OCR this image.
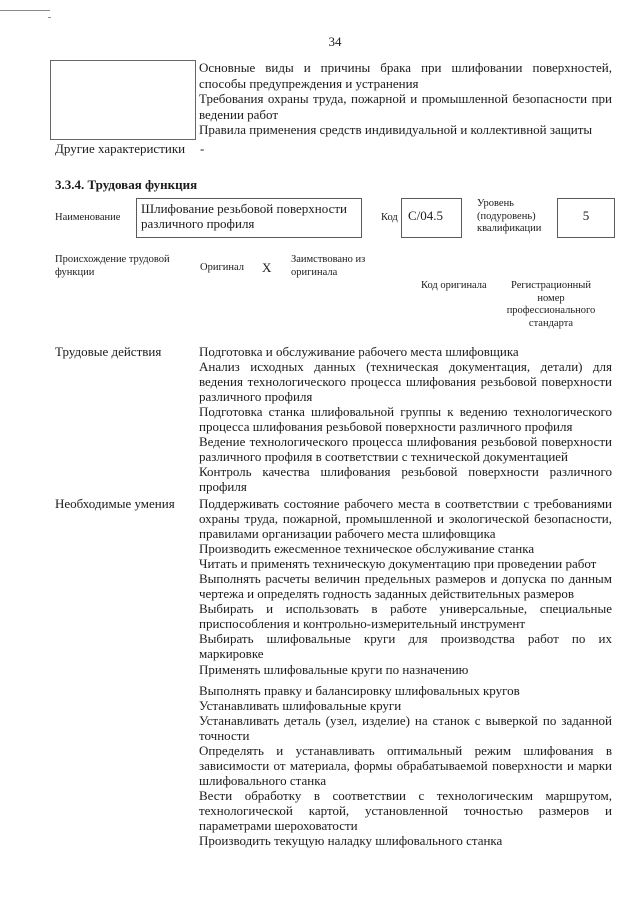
34
Основные виды и причины брака при шлифовании поверхностей,
способы предупреждения и устранения
Требования охраны труда, пожарной и промышленной безопасности при
ведении работ
Правила применения средств индивидуальной и коллективной защиты
Другие характеристики -
3.3.4. Трудовая функция
Наименование
Шлифование резьбовой поверхности различного профиля	Код С/04.5
Уровень (подуровень) квалификации
5
Происхождение трудовой функции	Оригинал X
Заимствовано из оригинала
Код оригинала	Регистрационный номер профессионального стандарта
Трудовые действия	Подготовка и обслуживание рабочего места шлифовщика
Анализ исходных данных (техническая документация, детали) для
ведения технологического процесса шлифования резьбовой поверхности
различного профиля
Подготовка станка шлифовальной группы к ведению технологического
процесса шлифования резьбовой поверхности различного профиля
Ведение технологического процесса шлифования резьбовой поверхности
различного профиля в соответствии с технической документацией
Контроль качества шлифования резьбовой поверхности различного
профиля
Необходимые умения Поддерживать состояние рабочего места в соответствии с требованиями
охраны труда, пожарной, промышленной и экологической безопасности,
правилами организации рабочего места шлифовщика
Производить ежесменное техническое обслуживание станка
Читать и применять техническую документацию при проведении работ
Выполнять расчеты величин предельных размеров и допуска по данным
чертежа и определять годность заданных действительных размеров
Выбирать и использовать в работе универсальные, специальные
приспособления и контрольно-измерительный инструмент
Выбирать шлифовальные круги для производства работ по их
маркировке
Применять шлифовальные круги по назначению
Выполнять правку и балансировку шлифовальных кругов
Устанавливать шлифовальные круги
Устанавливать деталь (узел, изделие) на станок с выверкой по заданной
точности
Определять и устанавливать оптимальный режим шлифования в
зависимости от материала, формы обрабатываемой поверхности и марки
шлифовального станка
Вести обработку в соответствии с технологическим маршрутом,
технологической картой, установленной точностью размеров и
параметрами шероховатости
Производить текущую наладку шлифовального станка
